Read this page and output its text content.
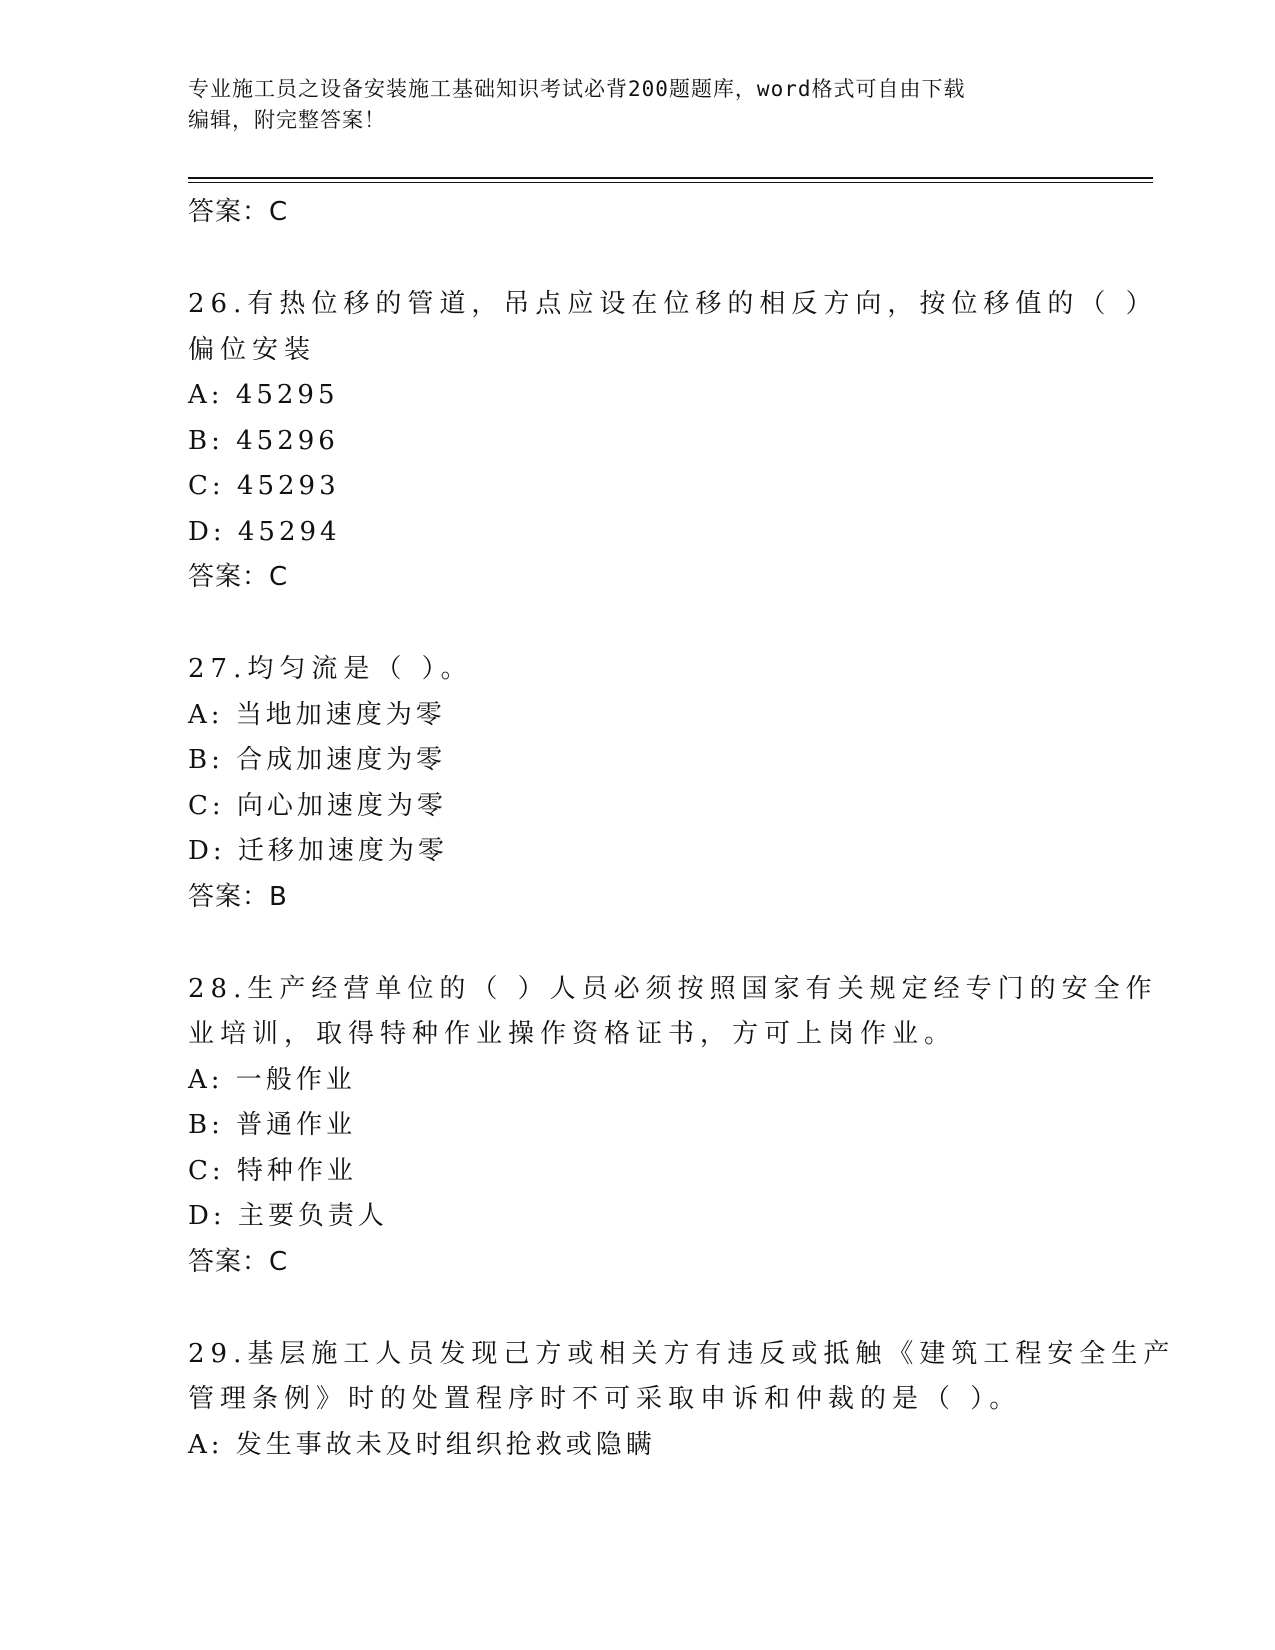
专业施工员之设备安装施工基础知识考试必背200题题库，word格式可自由下载
编辑，附完整答案！
答案：C
26.有热位移的管道，吊点应设在位移的相反方向，按位移值的（ ）
偏位安装
A: 45295
B: 45296
C: 45293
D: 45294
答案：C
27.均匀流是（ ）。
A: 当地加速度为零
B: 合成加速度为零
C: 向心加速度为零
D: 迁移加速度为零
答案：B
28.生产经营单位的（ ）人员必须按照国家有关规定经专门的安全作
业培训，取得特种作业操作资格证书，方可上岗作业。
A: 一般作业
B: 普通作业
C: 特种作业
D: 主要负责人
答案：C
29.基层施工人员发现己方或相关方有违反或抵触《建筑工程安全生产
管理条例》时的处置程序时不可采取申诉和仲裁的是（ ）。
A: 发生事故未及时组织抢救或隐瞒
